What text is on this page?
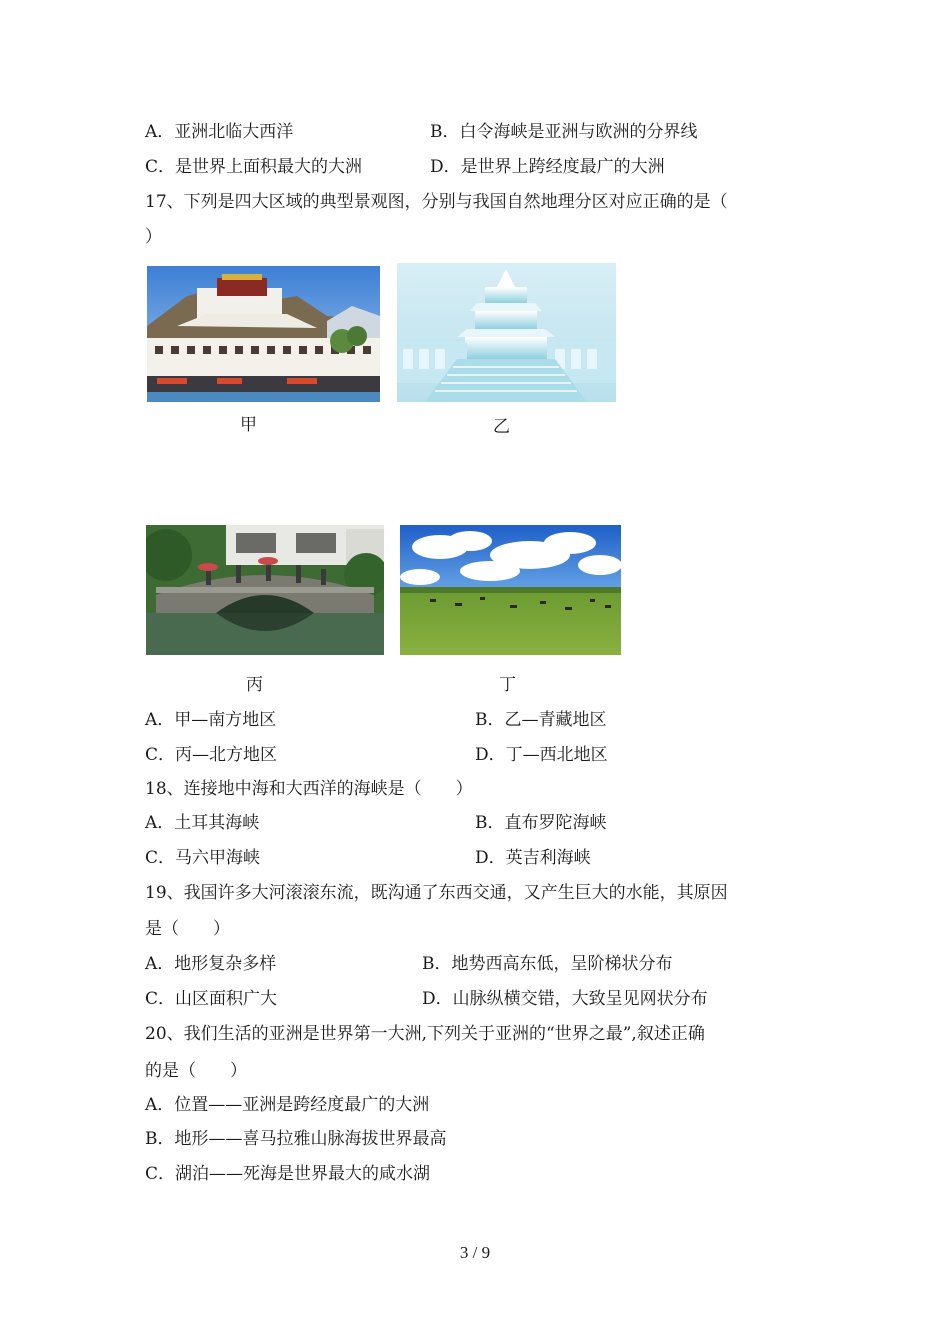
A．亚洲北临大西洋	B．白令海峡是亚洲与欧洲的分界线
C．是世界上面积最大的大洲	D．是世界上跨经度最广的大洲
17、下列是四大区域的典型景观图，分别与我国自然地理分区对应正确的是（
）
甲	乙
丙	丁
A．甲—南方地区	B．乙—青藏地区
C．丙—北方地区	D．丁—西北地区
18、连接地中海和大西洋的海峡是（　　）
A．土耳其海峡	B．直布罗陀海峡
C．马六甲海峡	D．英吉利海峡
19、我国许多大河滚滚东流，既沟通了东西交通，又产生巨大的水能，其原因
是（　　）
A．地形复杂多样	B．地势西高东低，呈阶梯状分布
C．山区面积广大	D．山脉纵横交错，大致呈见网状分布
20、我们生活的亚洲是世界第一大洲,下列关于亚洲的“世界之最”,叙述正确
的是（　　）
A．位置——亚洲是跨经度最广的大洲
B．地形——喜马拉雅山脉海拔世界最高
C．湖泊——死海是世界最大的咸水湖
3 / 9
